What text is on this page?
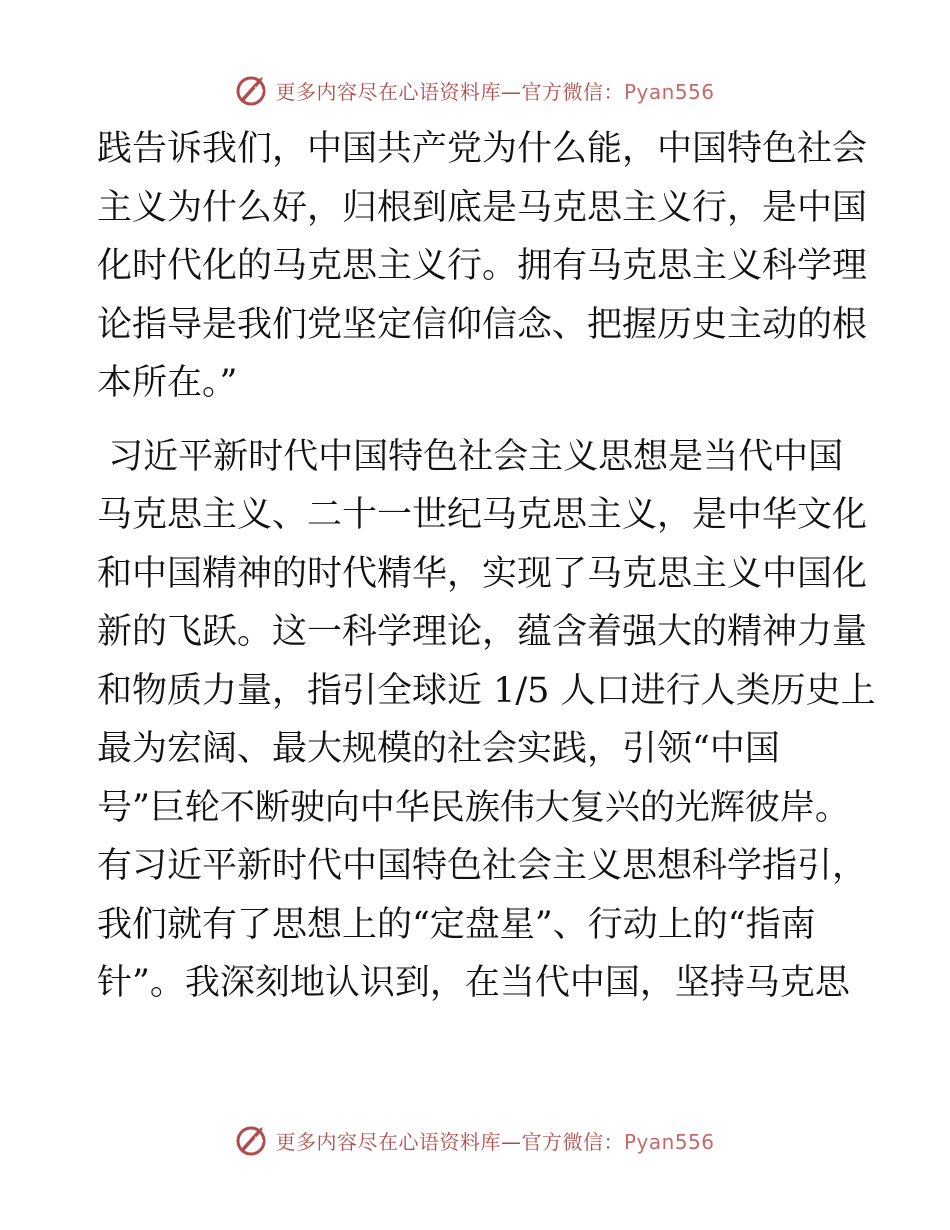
更多内容尽在心语资料库—官方微信：Pyan556
践告诉我们，中国共产党为什么能，中国特色社会
主义为什么好，归根到底是马克思主义行，是中国
化时代化的马克思主义行。拥有马克思主义科学理
论指导是我们党坚定信仰信念、把握历史主动的根
本所在。”
习近平新时代中国特色社会主义思想是当代中国
马克思主义、二十一世纪马克思主义，是中华文化
和中国精神的时代精华，实现了马克思主义中国化
新的飞跃。这一科学理论，蕴含着强大的精神力量
和物质力量，指引全球近 1/5 人口进行人类历史上
最为宏阔、最大规模的社会实践，引领“中国
号”巨轮不断驶向中华民族伟大复兴的光辉彼岸。
有习近平新时代中国特色社会主义思想科学指引，
我们就有了思想上的“定盘星”、行动上的“指南
针”。我深刻地认识到，在当代中国，坚持马克思
更多内容尽在心语资料库—官方微信：Pyan556
